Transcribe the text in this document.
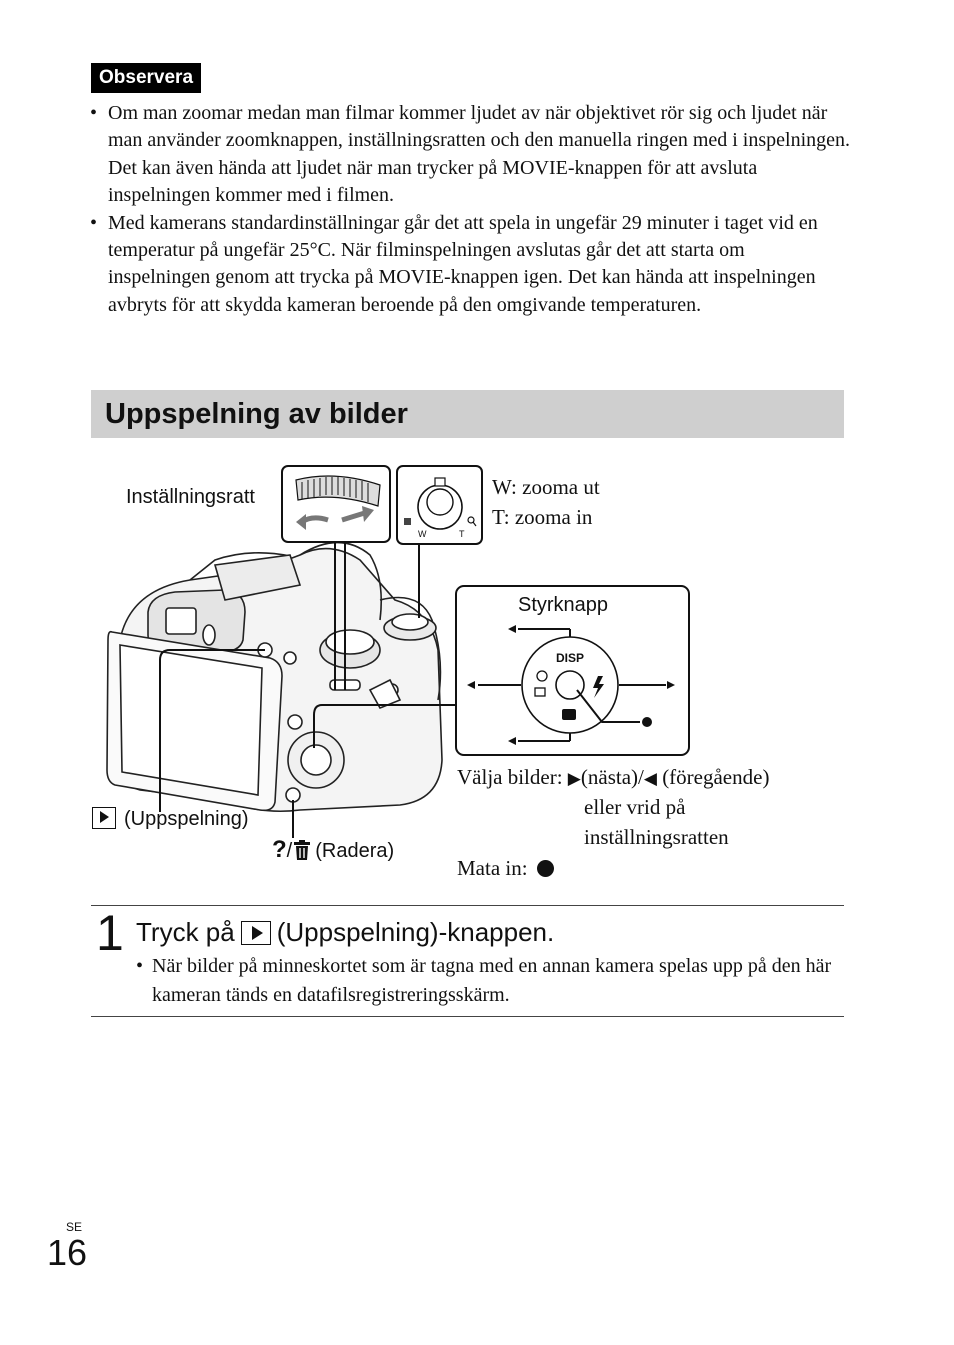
Observera
• Om man zoomar medan man filmar kommer ljudet av när objektivet rör sig och ljudet när man använder zoomknappen, inställningsratten och den manuella ringen med i inspelningen. Det kan även hända att ljudet när man trycker på MOVIE-knappen för att avsluta inspelningen kommer med i filmen.
• Med kamerans standardinställningar går det att spela in ungefär 29 minuter i taget vid en temperatur på ungefär 25°C. När filminspelningen avslutas går det att starta om inspelningen genom att trycka på MOVIE-knappen igen. Det kan hända att inspelningen avbryts för att skydda kameran beroende på den omgivande temperaturen.
Uppspelning av bilder
W	T
DISP
Inställningsratt	W: zooma ut
T: zooma in
Styrknapp
(Uppspelning)
?/ (Radera)
Välja bilder: ▶(nästa)/◀ (föregående)
eller vrid på
inställningsratten
Mata in:
1 Tryck på (Uppspelning)-knappen.
• När bilder på minneskortet som är tagna med en annan kamera spelas upp på den här kameran tänds en datafilsregistreringsskärm.
SE
16
